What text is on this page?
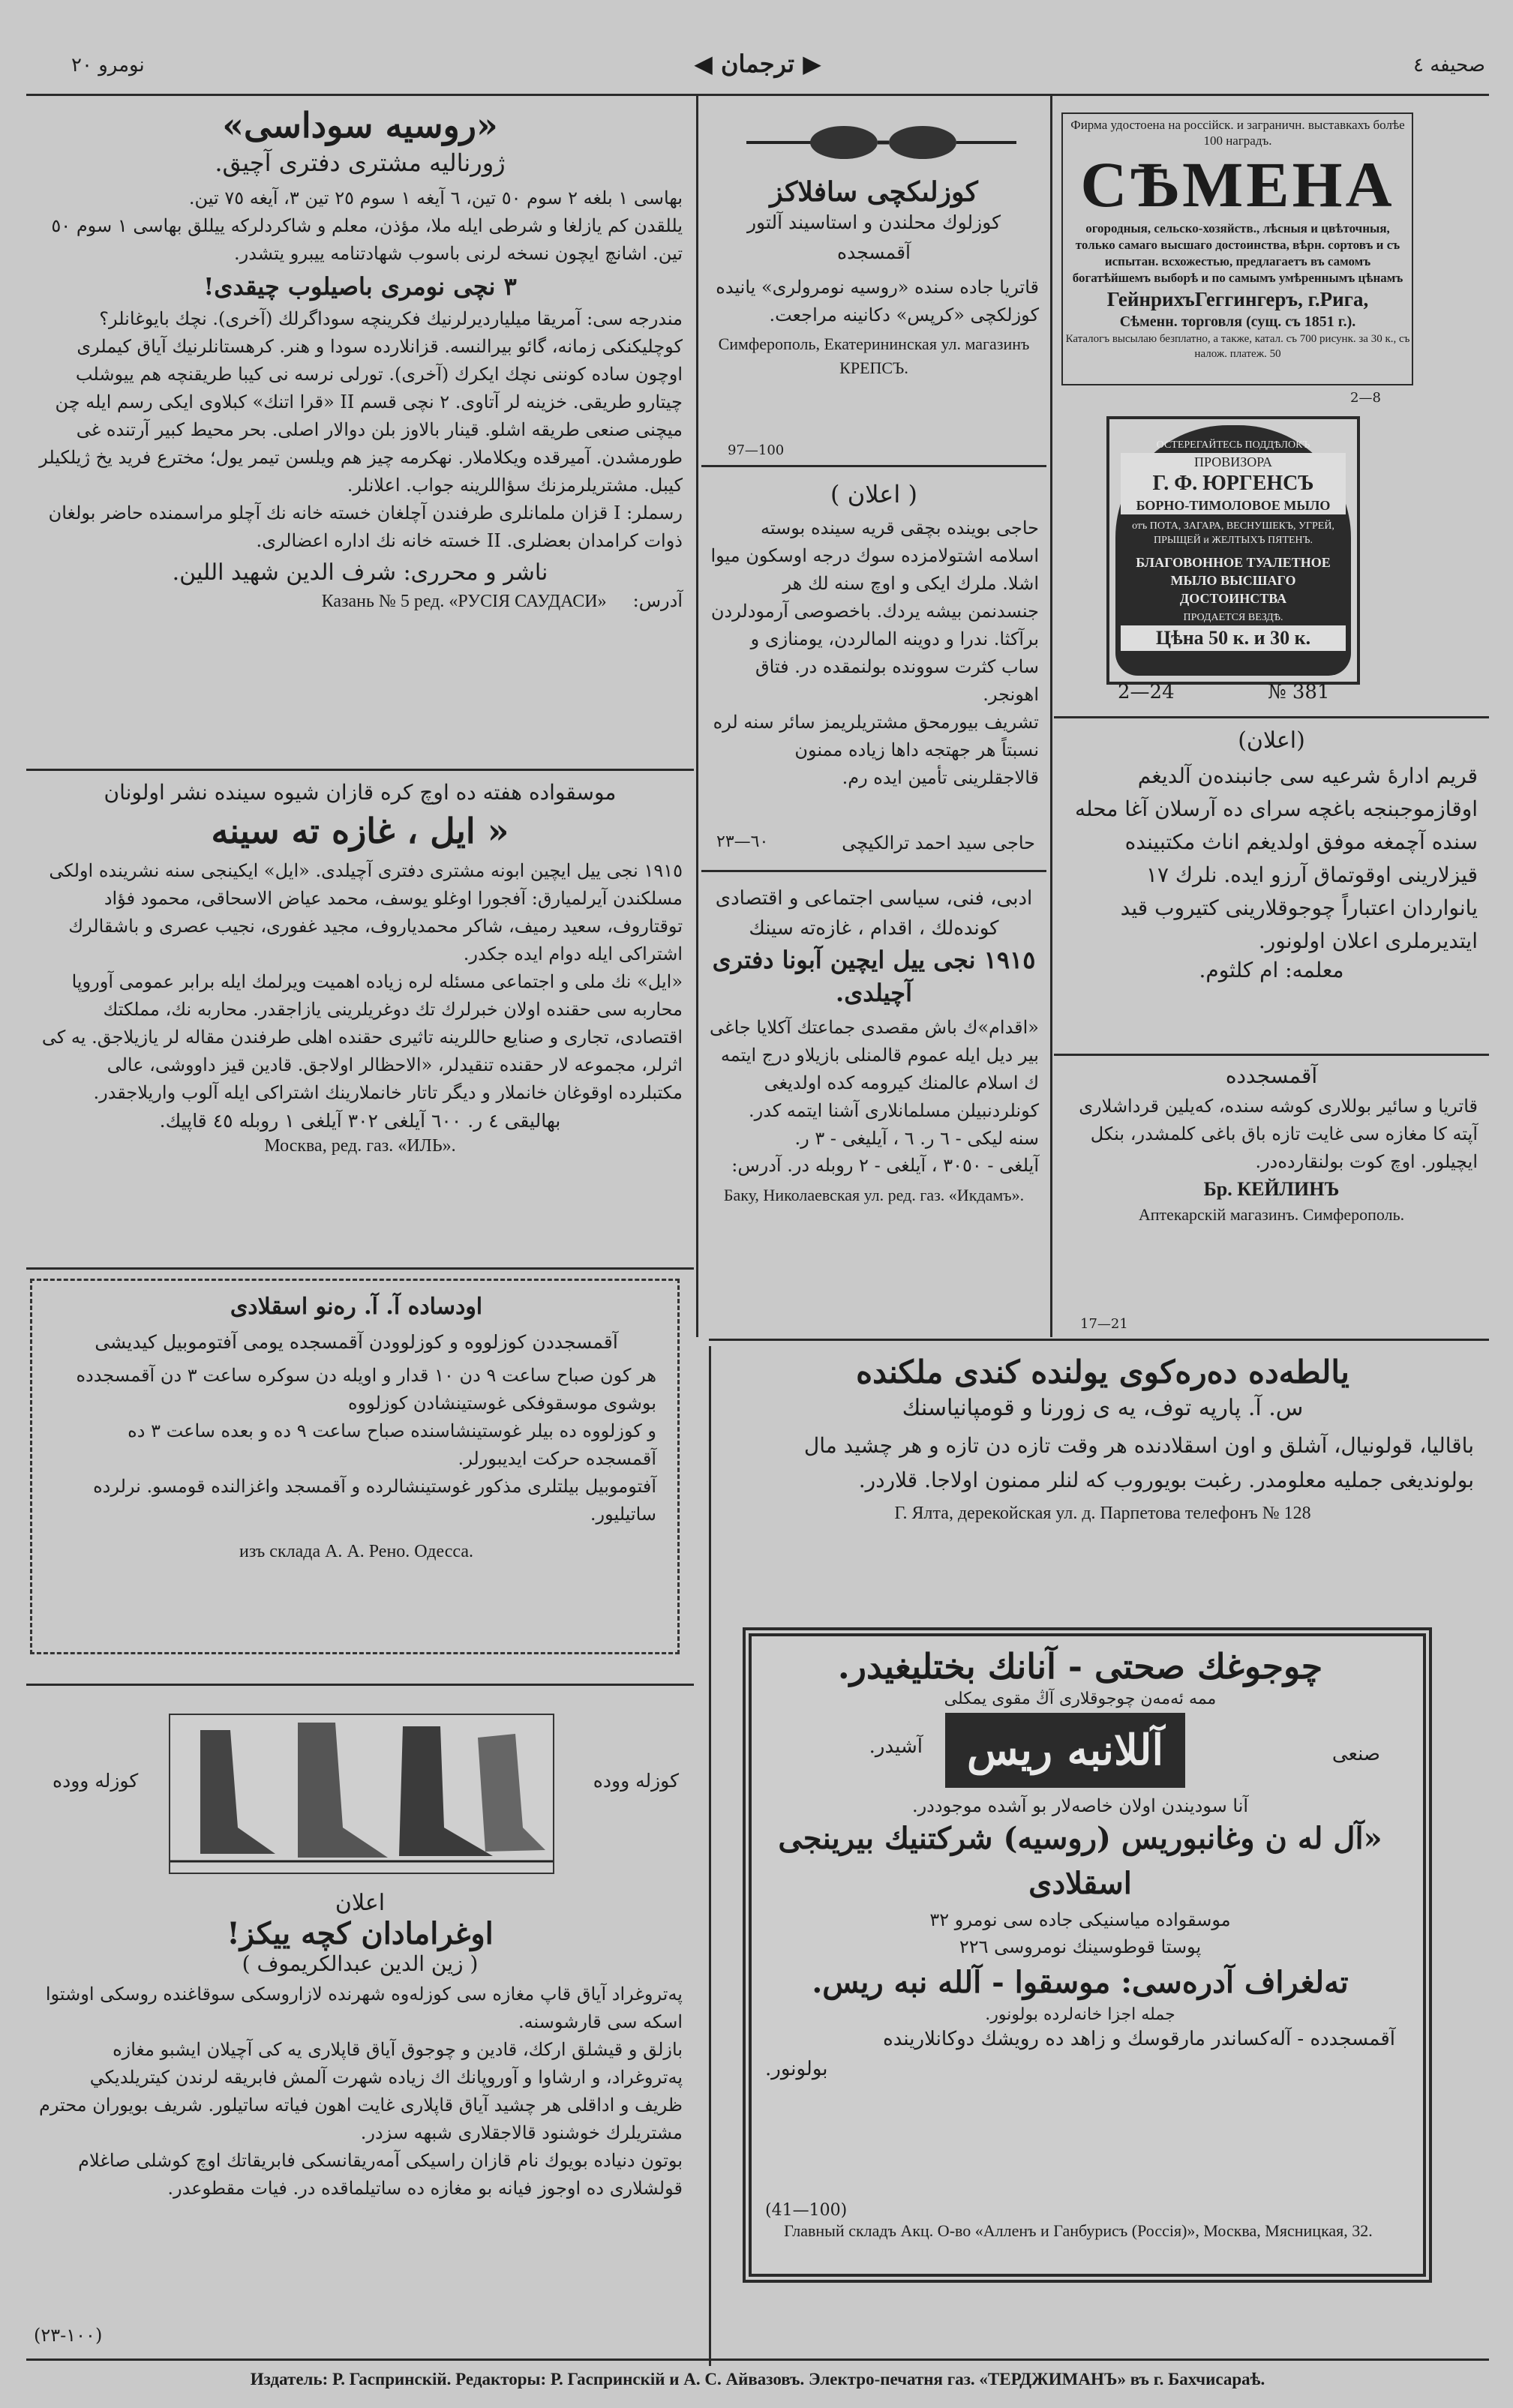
صحيفه ٤
◀ ترجمان ▶
نومرو ٢٠
«روسيه سوداسى»
ژورناليه مشترى دفترى آچيق.

بهاسى ١ بلغه ٢ سوم ٥٠ تين، ٦ آيغه ١ سوم ٢٥ تين ٣، آيغه ٧٥ تين.

يللقدن كم يازلغا و شرطى ايله ملا، مؤذن، معلم و شاكردلركه ييللق بهاسى ١ سوم ٥٠ تين. اشانچ ايچون نسخه لرنى باسوب شهادتنامه ييبرو يتشدر.

٣ نچى نومرى باصيلوب چيقدى!

مندرجه سى: آمريقا ميليارديرلرنيك فكرينچه سوداگرلك (آخرى). نچك بايوغانلر؟ كوچليكنكى زمانه، گائو بيرالنسه. قزانلارده سودا و هنر. كرهستانلرنيك آياق كيملرى اوچون ساده كوننى نچك ايكرك (آخرى). تورلى نرسه نى كيبا طريقنچه هم ييوشلب چيتارو طريقى. خزينه لر آتاوى. ٢ نچى قسم II «قرا اتنك» كبلاوى ايكى رسم ايله چن ميچنى صنعى طريقه اشلو. قينار بالاوز بلن دوالار اصلى. بحر محيط كبير آرتنده غى طورمشدن. آميرقده ويكلاملار. نهكرمه چيز هم ويلسن تيمر يول؛ مخترع فريد يخ ژيلكيلر كيبل. مشتريلرمزنك سؤاللرينه جواب. اعلانلر.

رسملر: I قزان ملمانلرى طرفندن آچلغان خسته خانه نك آچلو مراسمنده حاضر بولغان ذوات كرامدان بعضلرى. II خسته خانه نك اداره اعضالرى.

ناشر و محررى: شرف الدين شهيد اللين.
آدرس: Казань № 5 ред. «РУСІЯ САУДАСИ»
موسقواده هفته ده اوچ كره قازان شيوه سينده نشر اولونان
« ايل ، غازه ته سينه

١٩١٥ نجى ييل ايچين ابونه مشترى دفترى آچيلدى. «ايل» ايكينجى سنه نشرينده اولكى مسلكندن آيرلميارق: آفجورا اوغلو يوسف، محمد عياض الاسحاقى، محمود فؤاد توقتاروف، سعيد رميف، شاكر محمدياروف، مجيد غفورى، نجيب عصرى و باشقالرك اشتراكى ايله دوام ايده جكدر.

«ايل» نك ملى و اجتماعى مسئله لره زياده اهميت ويرلمك ايله برابر عمومى آوروپا محاربه سى حقنده اولان خبرلرك تك دوغريلرينى يازاجقدر. محاربه نك، مملكتك اقتصادى، تجارى و صنايع حاللرينه تاثيرى حقنده اهلى طرفندن مقاله لر يازيلاجق. يه كى اثرلر، مجموعه لار حقنده تنقيدلر، «الاحظالر اولاجق. قادين قيز داووشى، عالى مكتبلرده اوقوغان خانملار و ديگر تاتار خانملارينك اشتراكى ايله آلوب واريلاجقدر.

بهاليقى ٤ ر. ٦٠٠ آيلغى ٣٠٢ آيلغى ١ روبله ٤٥ قاپيك.
Москва, ред. газ. «ИЛЬ».
اودساده آ. آ. رەنو اسقلادى

آقمسجددن كوزلووه و كوزلوودن آقمسجده يومى آفتوموبيل كيديشى

هر كون صباح ساعت ٩ دن ١٠ قدار و اويله دن سوكره ساعت ٣ دن آقمسجدده بوشوى موسقوفكى غوستينشادن كوزلووه

و كوزلووه ده بيلر غوستينشاسنده صباح ساعت ٩ ده و بعده ساعت ٣ ده آقمسجده حركت ايديبورلر.

آفتوموبيل بيلتلرى مذكور غوستينشالرده و آقمسجد واغزالنده قومسو. نرلرده ساتيليور.

изъ склада А. А. Рено. Одесса.
كوزله ووده	كوزله ووده
اعلان
اوغرامادان كچه ييكز!
( زين الدين عبدالكريموف )

پەتروغراد آياق قاپ مغازه سى كوزلەوه شهرنده لازاروسكى سوقاغنده روسكى اوشتوا اسكه سى قارشوسنه.

بازلق و قيشلق اركك، قادين و چوجوق آياق قاپلارى يه كى آچيلان ايشبو مغازه پەتروغراد، و ارشاوا و آوروپانك اك زياده شهرت آلمش فابريقه لرندن كيتريلديكي ظريف و اداقلى هر چشيد آياق قاپلارى غايت اهون فياته ساتيلور. شريف بويوران محترم مشتريلرك خوشنود قالاجقلارى شبهه سزدر.

بوتون دنياده بويوك نام قازان راسيكى آمەريقانسكى فابريقاتك اوچ كوشلى صاغلام قولشلارى ده اوجوز فيانه بو مغازه ده ساتيلماقده در. فيات مقطوعدر.

(١٠٠-٢٣)
كوزلىكچى سافلاكز

كوزلوك محلندن و استاسيند آلتور آقمسجده

قاتريا جاده سنده «روسيه نومرولرى» يانيده كوزلكچى «كرپس» دكانينه مراجعت.

Симферополь, Екатерининская ул. магазинъ КРЕПСЪ.
97—100
( اعلان )

حاجى بوينده بچقى قريه سينده بوستە اسلامە اشتولامزده سوك درجه اوسكون ميوا اشلا. ملرك ايكى و اوچ سنه لك هر جنسدنمن بيشه يردك. باخصوصى آرمودلردن برآكثا. ندرا و دوينه المالردن، يومنازى و ساب كثرت سوونده بولنمقده در. فتاق اهونجر.

تشريف بيورمحق مشتريلريمز سائر سنه لره نسبتاً هر جهتجه داها زياده ممنون قالاجقلرينى تأمين ايده رم.

حاجى سيد احمد ترالكيچى
٦٠—٢٣

ادبى، فنى، سياسى اجتماعى و اقتصادى كوندەلك ، اقدام ، غازەته سينك

١٩١٥ نجى ييل ايچين آبونا دفترى آچيلدى.

«اقدام»ك باش مقصدى جماعتك آكلايا جاغى بير ديل ايله عموم قالمنلى بازيلاو درج ايتمه ك اسلام عالمنك كيرومه كده اولديغى كونلردنبيلن مسلمانلارى آشنا ايتمه كدر.

سنه ليكى - ٦ ر. ٦ ، آيليغى - ٣ ر.
آيلغى - ٣٠٥٠ ، آيلغى - ٢ روبله در. آدرس:
Баку, Николаевская ул. ред. газ. «Икдамъ».
Фирма удостоена на россійск. и заграничн. выставкахъ болѣе 100 наградъ.
СѢМЕНА
огородныя, сельско-хозяйств., лѣсныя и цвѣточныя, только самаго высшаго достоинства, вѣрн. сортовъ и съ испытан. всхожестью, предлагаетъ въ самомъ богатѣйшемъ выборѣ и по самымъ умѣреннымъ цѣнамъ
ГейнрихъГеггингеръ, г.Рига,
Сѣменн. торговля (сущ. съ 1851 г.).
Каталогъ высылаю безплатно, а также, катал. съ 700 рисунк. за 30 к., съ налож. платеж. 50
2—8
ОСТЕРЕГАЙТЕСЬ ПОДДѢЛОКЪ
ПРОВИЗОРА
Г. Ф. ЮРГЕНСЪ
БОРНО-ТИМОЛОВОЕ МЫЛО
отъ ПОТА, ЗАГАРА, ВЕСНУШЕКЪ, УГРЕЙ, ПРЫЩЕЙ и ЖЕЛТЫХЪ ПЯТЕНЪ.
БЛАГОВОННОЕ ТУАЛЕТНОЕ МЫЛО ВЫСШАГО ДОСТОИНСТВА
ПРОДАЕТСЯ ВЕЗДѢ.
Цѣна 50 к. и 30 к.
2—24	№ 381
(اعلان)

قريم ادارهٔ شرعيه سى جانبندەن آلديغم اوقازموجبنجه باغچه سراى ده آرسلان آغا محله سنده آچمغه موفق اولديغم اناث مكتبينده قيزلارينى اوقوتماق آرزو ايده. نلرك ١٧ يانواردان اعتباراً چوجوقلارينى كتيروب قيد ايتديرملرى اعلان اولونور.

معلمه: ام كلثوم.
آقمسجدده

قاتريا و سائير بوللارى كوشه سنده، كەيلين قرداشلارى آپته كا مغازه سى غايت تازه باق باغى كلمشدر، بنكل ايچيلور. اوچ كوت بولنقاردەدر.

Бр. КЕЙЛИНЪ
Аптекарскій магазинъ. Симферополь.
17—21
يالطەده دەرەكوى يولنده كندى ملكنده
س. آ. پارپه توف، يه ى زورنا و قومپانياسنك

باقاليا، قولونيال، آشلق و اون اسقلادنده هر وقت تازه دن تازه و هر چشيد مال بولونديغى جمليه معلومدر. رغبت بويوروب كه لنلر ممنون اولاجا. قلاردر.

Г. Ялта, дерекойская ул. д. Парпетова телефонъ № 128
چوجوغك صحتى - آنانك بختليغيدر.
ممه ئەمەن چوجوقلارى آڭ مقوى يمكلى
صنعى
آللانبه ريس
آشيدر.
آنا سوديندن اولان خاصەلار بو آشده موجوددر.
«آل له ن وغانبوريس (روسيه) شركتنيك بيرينجى اسقلادى
موسقواده مياسنيكى جاده سى نومرو ٣٢
پوستا قوطوسينك نومروسى ٢٢٦
تەلغراف آدرەسى: موسقوا - آلله نبه ريس.
جمله اجزا خانەلرده بولونور.
آقمسجدده - آلەكساندر مارقوسك و زاهد ده رويشك دوكانلارينده
بولونور.
(41—100)
Главный складъ Акц. О-во «Алленъ и Ганбурисъ (Россія)», Москва, Мясницкая, 32.
Издатель: Р. Гаспринскій. Редакторы: Р. Гаспринскій и А. С. Айвазовъ. Электро-печатня газ. «ТЕРДЖИМАНЪ» въ г. Бахчисараѣ.
